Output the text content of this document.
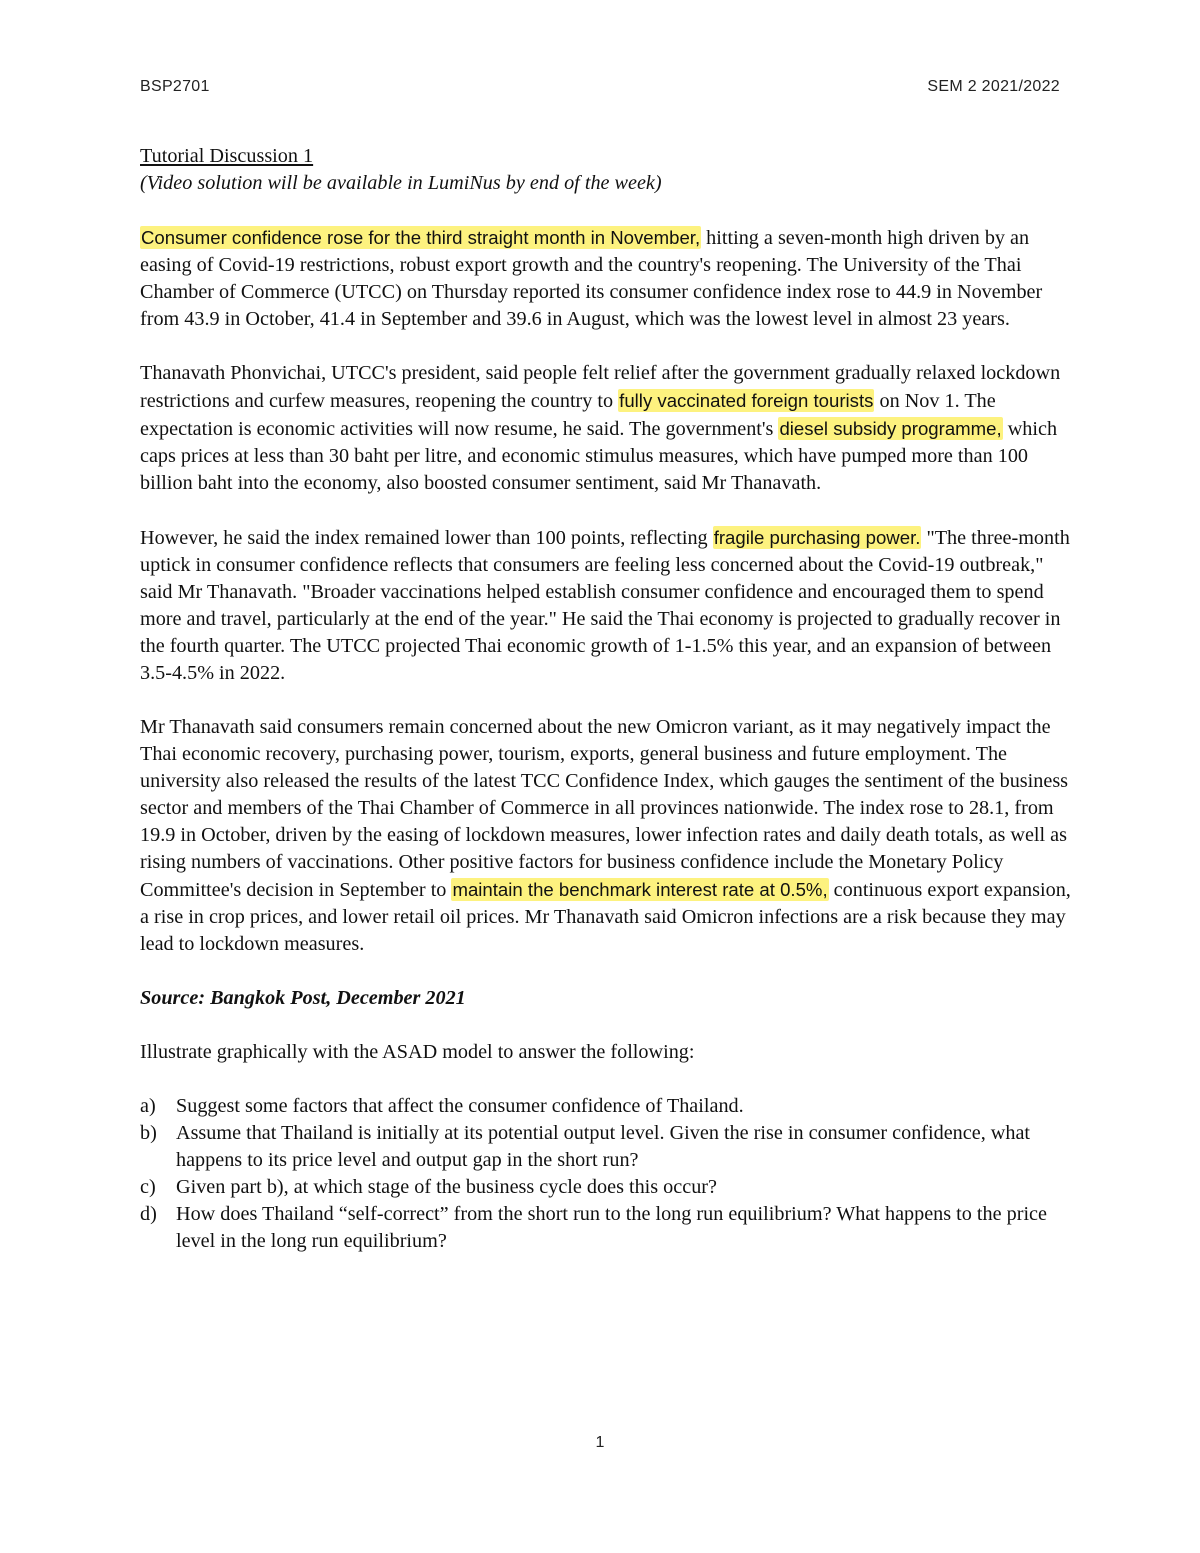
BSP2701	SEM 2 2021/2022

Tutorial Discussion 1

(Video solution will be available in LumiNus by end of the week)

Consumer confidence rose for the third straight month in November, hitting a seven-month high driven by an easing of Covid-19 restrictions, robust export growth and the country's reopening. The University of the Thai Chamber of Commerce (UTCC) on Thursday reported its consumer confidence index rose to 44.9 in November from 43.9 in October, 41.4 in September and 39.6 in August, which was the lowest level in almost 23 years.

Thanavath Phonvichai, UTCC's president, said people felt relief after the government gradually relaxed lockdown restrictions and curfew measures, reopening the country to fully vaccinated foreign tourists on Nov 1. The expectation is economic activities will now resume, he said. The government's diesel subsidy programme, which caps prices at less than 30 baht per litre, and economic stimulus measures, which have pumped more than 100 billion baht into the economy, also boosted consumer sentiment, said Mr Thanavath.

However, he said the index remained lower than 100 points, reflecting fragile purchasing power. "The three-month uptick in consumer confidence reflects that consumers are feeling less concerned about the Covid-19 outbreak," said Mr Thanavath. "Broader vaccinations helped establish consumer confidence and encouraged them to spend more and travel, particularly at the end of the year." He said the Thai economy is projected to gradually recover in the fourth quarter. The UTCC projected Thai economic growth of 1-1.5% this year, and an expansion of between 3.5-4.5% in 2022.

Mr Thanavath said consumers remain concerned about the new Omicron variant, as it may negatively impact the Thai economic recovery, purchasing power, tourism, exports, general business and future employment. The university also released the results of the latest TCC Confidence Index, which gauges the sentiment of the business sector and members of the Thai Chamber of Commerce in all provinces nationwide. The index rose to 28.1, from 19.9 in October, driven by the easing of lockdown measures, lower infection rates and daily death totals, as well as rising numbers of vaccinations. Other positive factors for business confidence include the Monetary Policy Committee's decision in September to maintain the benchmark interest rate at 0.5%, continuous export expansion, a rise in crop prices, and lower retail oil prices. Mr Thanavath said Omicron infections are a risk because they may lead to lockdown measures.

Source: Bangkok Post, December 2021

Illustrate graphically with the ASAD model to answer the following:

a) Suggest some factors that affect the consumer confidence of Thailand.
b) Assume that Thailand is initially at its potential output level. Given the rise in consumer confidence, what happens to its price level and output gap in the short run?
c) Given part b), at which stage of the business cycle does this occur?
d) How does Thailand “self-correct” from the short run to the long run equilibrium? What happens to the price level in the long run equilibrium?
1
